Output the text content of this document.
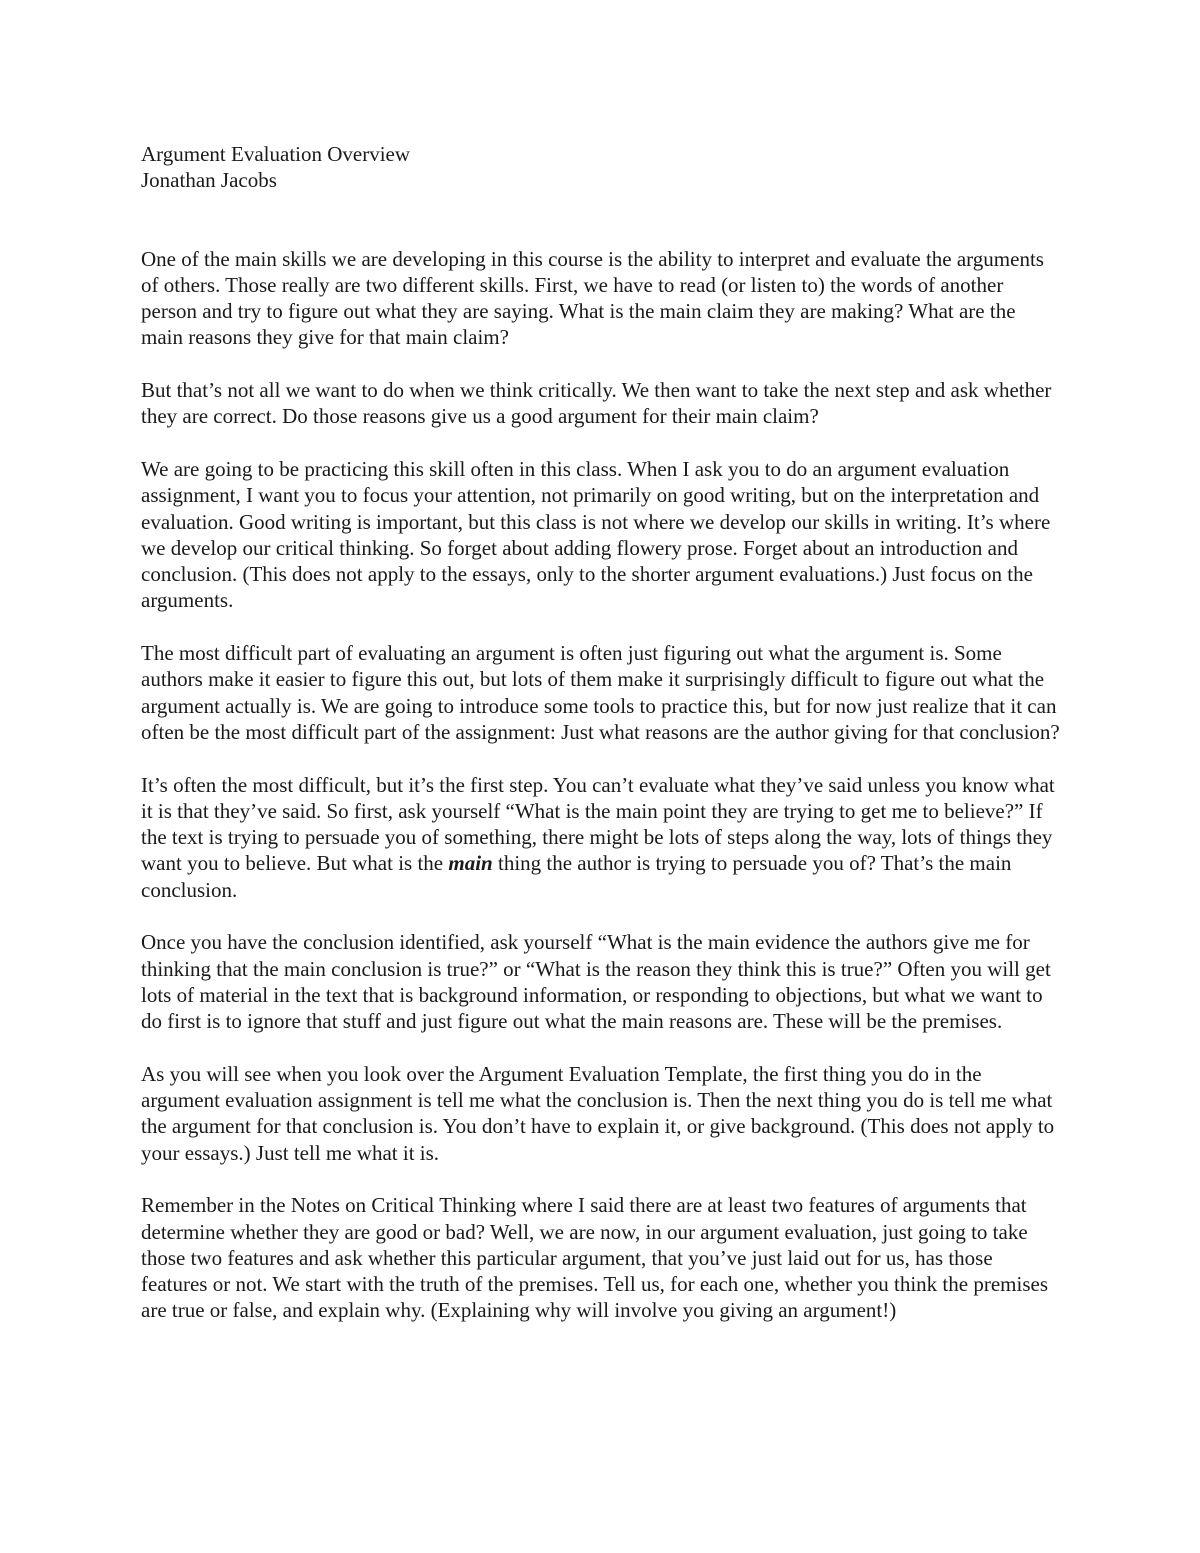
Argument Evaluation Overview
Jonathan Jacobs

One of the main skills we are developing in this course is the ability to interpret and evaluate the arguments of others. Those really are two different skills. First, we have to read (or listen to) the words of another person and try to figure out what they are saying. What is the main claim they are making? What are the main reasons they give for that main claim?

But that’s not all we want to do when we think critically. We then want to take the next step and ask whether they are correct. Do those reasons give us a good argument for their main claim?

We are going to be practicing this skill often in this class. When I ask you to do an argument evaluation assignment, I want you to focus your attention, not primarily on good writing, but on the interpretation and evaluation. Good writing is important, but this class is not where we develop our skills in writing. It’s where we develop our critical thinking. So forget about adding flowery prose. Forget about an introduction and conclusion. (This does not apply to the essays, only to the shorter argument evaluations.) Just focus on the arguments.

The most difficult part of evaluating an argument is often just figuring out what the argument is. Some authors make it easier to figure this out, but lots of them make it surprisingly difficult to figure out what the argument actually is. We are going to introduce some tools to practice this, but for now just realize that it can often be the most difficult part of the assignment: Just what reasons are the author giving for that conclusion?

It’s often the most difficult, but it’s the first step. You can’t evaluate what they’ve said unless you know what it is that they’ve said. So first, ask yourself “What is the main point they are trying to get me to believe?” If the text is trying to persuade you of something, there might be lots of steps along the way, lots of things they want you to believe. But what is the main thing the author is trying to persuade you of? That’s the main conclusion.

Once you have the conclusion identified, ask yourself “What is the main evidence the authors give me for thinking that the main conclusion is true?” or “What is the reason they think this is true?” Often you will get lots of material in the text that is background information, or responding to objections, but what we want to do first is to ignore that stuff and just figure out what the main reasons are. These will be the premises.

As you will see when you look over the Argument Evaluation Template, the first thing you do in the argument evaluation assignment is tell me what the conclusion is. Then the next thing you do is tell me what the argument for that conclusion is. You don’t have to explain it, or give background. (This does not apply to your essays.) Just tell me what it is.

Remember in the Notes on Critical Thinking where I said there are at least two features of arguments that determine whether they are good or bad? Well, we are now, in our argument evaluation, just going to take those two features and ask whether this particular argument, that you’ve just laid out for us, has those features or not. We start with the truth of the premises. Tell us, for each one, whether you think the premises are true or false, and explain why. (Explaining why will involve you giving an argument!)
